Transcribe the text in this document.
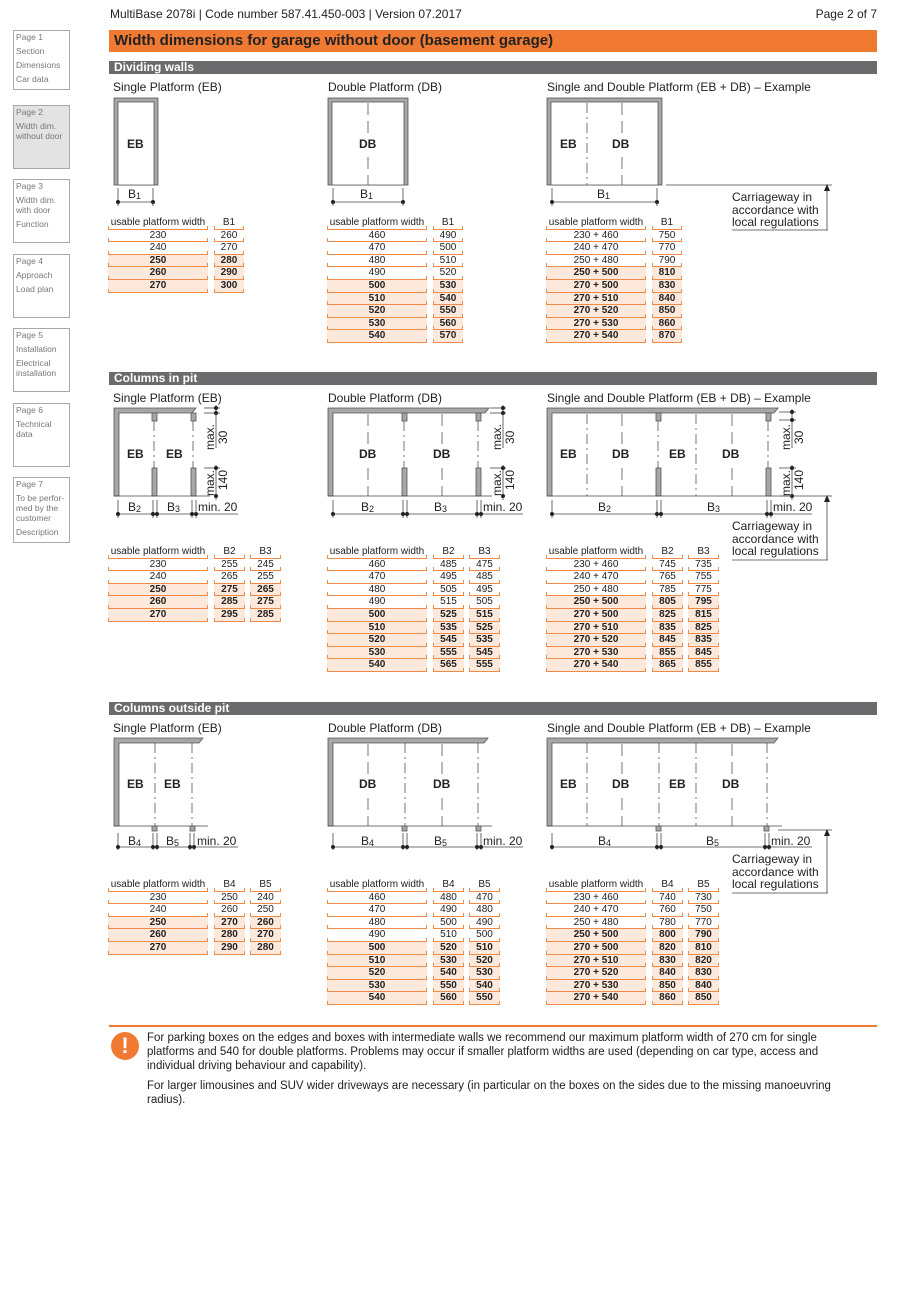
MultiBase 2078i | Code number 587.41.450-003 | Version 07.2017	Page 2 of 7
Width dimensions for garage without door (basement garage)
Page 1
Section
Dimensions
Car data
Page 2
Width dim. without door
Page 3
Width dim. with door
Function
Page 4
Approach
Load plan
Page 5
Installation
Electrical installation
Page 6
Technical data
Page 7
To be perfor-med by the customer
Description
Dividing walls
Columns in pit
Columns outside pit
Single Platform (EB)	Double Platform (DB)	Single and Double Platform (EB + DB) – Example
Single Platform (EB)	Double Platform (DB)	Single and Double Platform (EB + DB) – Example
Single Platform (EB)	Double Platform (DB)	Single and Double Platform (EB + DB) – Example
EB
B1
DB
B1
EB	DB
B1
EB EB
B2 B3 min. 20
max. 30
max. 140
DB	DB
B2	B3	min. 20
max. 30
max. 140
EB	DB	EB	DB
B2	B3	min. 20
max. 30
max. 140
EB EB
B4 B5 min. 20
DB	DB
B4	B5	min. 20
EB	DB	EB	DB
B4	B5	min. 20
Carriageway in
accordance with
local regulations
Carriageway in
accordance with
local regulations
Carriageway in
accordance with
local regulations
usable platform width	B1
230	260
240	270
250	280
260	290
270	300
usable platform width	B1
460	490
470	500
480	510
490	520
500	530
510	540
520	550
530	560
540	570
usable platform width	B1
230 + 460	750
240 + 470	770
250 + 480	790
250 + 500	810
270 + 500	830
270 + 510	840
270 + 520	850
270 + 530	860
270 + 540	870
usable platform width	B2	B3
230	255	245
240	265	255
250	275	265
260	285	275
270	295	285
usable platform width	B2	B3
460	485	475
470	495	485
480	505	495
490	515	505
500	525	515
510	535	525
520	545	535
530	555	545
540	565	555
usable platform width	B2	B3
230 + 460	745	735
240 + 470	765	755
250 + 480	785	775
250 + 500	805	795
270 + 500	825	815
270 + 510	835	825
270 + 520	845	835
270 + 530	855	845
270 + 540	865	855
usable platform width	B4	B5
230	250	240
240	260	250
250	270	260
260	280	270
270	290	280
usable platform width	B4	B5
460	480	470
470	490	480
480	500	490
490	510	500
500	520	510
510	530	520
520	540	530
530	550	540
540	560	550
usable platform width	B4	B5
230 + 460	740	730
240 + 470	760	750
250 + 480	780	770
250 + 500	800	790
270 + 500	820	810
270 + 510	830	820
270 + 520	840	830
270 + 530	850	840
270 + 540	860	850
!	For parking boxes on the edges and boxes with intermediate walls we recommend our maximum platform width of 270 cm for single platforms and 540 for double platforms. Problems may occur if smaller platform widths are used (depending on car type, access and individual driving behaviour and capability).
For larger limousines and SUV wider driveways are necessary (in particular on the boxes on the sides due to the missing manoeuvring radius).
